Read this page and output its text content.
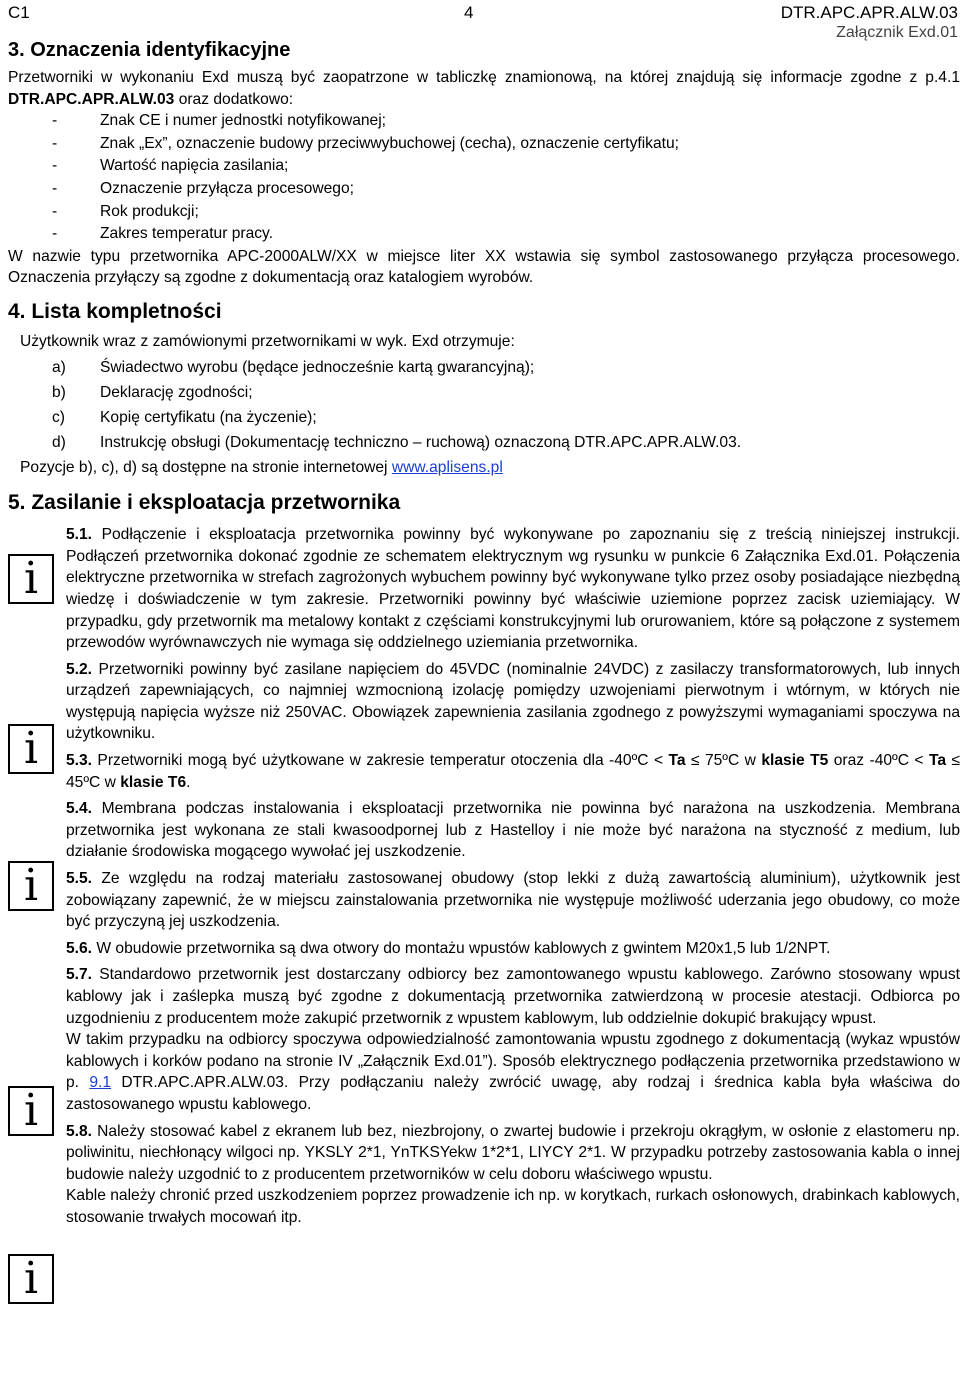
C1	4	DTR.APC.APR.ALW.03
Załącznik Exd.01
3. Oznaczenia identyfikacyjne

Przetworniki w wykonaniu Exd muszą być zaopatrzone w tabliczkę znamionową, na której znajdują się informacje zgodne z p.4.1 DTR.APC.APR.ALW.03 oraz dodatkowo:

-	Znak CE i numer jednostki notyfikowanej;
-	Znak „Ex”, oznaczenie budowy przeciwwybuchowej (cecha), oznaczenie certyfikatu;
-	Wartość napięcia zasilania;
-	Oznaczenie przyłącza procesowego;
-	Rok produkcji;
-	Zakres temperatur pracy.

W nazwie typu przetwornika APC-2000ALW/XX w miejsce liter XX wstawia się symbol zastosowanego przyłącza procesowego. Oznaczenia przyłączy są zgodne z dokumentacją oraz katalogiem wyrobów.

4. Lista kompletności

Użytkownik wraz z zamówionymi przetwornikami w wyk. Exd otrzymuje:

a) Świadectwo wyrobu (będące jednocześnie kartą gwarancyjną);
b) Deklarację zgodności;
c) Kopię certyfikatu (na życzenie);
d) Instrukcję obsługi (Dokumentację techniczno – ruchową) oznaczoną DTR.APC.APR.ALW.03.

Pozycje b), c), d) są dostępne na stronie internetowej www.aplisens.pl

5. Zasilanie i eksploatacja przetwornika
i
i
i
i
i

5.1. Podłączenie i eksploatacja przetwornika powinny być wykonywane po zapoznaniu się z treścią niniejszej instrukcji. Podłączeń przetwornika dokonać zgodnie ze schematem elektrycznym wg rysunku w punkcie 6 Załącznika Exd.01. Połączenia elektryczne przetwornika w strefach zagrożonych wybuchem powinny być wykonywane tylko przez osoby posiadające niezbędną wiedzę i doświadczenie w tym zakresie. Przetworniki powinny być właściwie uziemione poprzez zacisk uziemiający. W przypadku, gdy przetwornik ma metalowy kontakt z częściami konstrukcyjnymi lub orurowaniem, które są połączone z systemem przewodów wyrównawczych nie wymaga się oddzielnego uziemiania przetwornika.

5.2. Przetworniki powinny być zasilane napięciem do 45VDC (nominalnie 24VDC) z zasilaczy transformatorowych, lub innych urządzeń zapewniających, co najmniej wzmocnioną izolację pomiędzy uzwojeniami pierwotnym i wtórnym, w których nie występują napięcia wyższe niż 250VAC. Obowiązek zapewnienia zasilania zgodnego z powyższymi wymaganiami spoczywa na użytkowniku.

5.3. Przetworniki mogą być użytkowane w zakresie temperatur otoczenia dla -40ºC < Ta ≤ 75ºC w klasie T5 oraz -40ºC < Ta ≤ 45ºC w klasie T6.

5.4. Membrana podczas instalowania i eksploatacji przetwornika nie powinna być narażona na uszkodzenia. Membrana przetwornika jest wykonana ze stali kwasoodpornej lub z Hastelloy i nie może być narażona na styczność z medium, lub działanie środowiska mogącego wywołać jej uszkodzenie.

5.5. Ze względu na rodzaj materiału zastosowanej obudowy (stop lekki z dużą zawartością aluminium), użytkownik jest zobowiązany zapewnić, że w miejscu zainstalowania przetwornika nie występuje możliwość uderzania jego obudowy, co może być przyczyną jej uszkodzenia.

5.6. W obudowie przetwornika są dwa otwory do montażu wpustów kablowych z gwintem M20x1,5 lub 1/2NPT.

5.7. Standardowo przetwornik jest dostarczany odbiorcy bez zamontowanego wpustu kablowego. Zarówno stosowany wpust kablowy jak i zaślepka muszą być zgodne z dokumentacją przetwornika zatwierdzoną w procesie atestacji. Odbiorca po uzgodnieniu z producentem może zakupić przetwornik z wpustem kablowym, lub oddzielnie dokupić brakujący wpust.

W takim przypadku na odbiorcy spoczywa odpowiedzialność zamontowania wpustu zgodnego z dokumentacją (wykaz wpustów kablowych i korków podano na stronie IV „Załącznik Exd.01”). Sposób elektrycznego podłączenia przetwornika przedstawiono w p. 9.1 DTR.APC.APR.ALW.03. Przy podłączaniu należy zwrócić uwagę, aby rodzaj i średnica kabla była właściwa do zastosowanego wpustu kablowego.

5.8. Należy stosować kabel z ekranem lub bez, niezbrojony, o zwartej budowie i przekroju okrągłym, w osłonie z elastomeru np. poliwinitu, niechłonący wilgoci np. YKSLY 2*1, YnTKSYekw 1*2*1, LIYCY 2*1. W przypadku potrzeby zastosowania kabla o innej budowie należy uzgodnić to z producentem przetworników w celu doboru właściwego wpustu.

Kable należy chronić przed uszkodzeniem poprzez prowadzenie ich np. w korytkach, rurkach osłonowych, drabinkach kablowych, stosowanie trwałych mocowań itp.
